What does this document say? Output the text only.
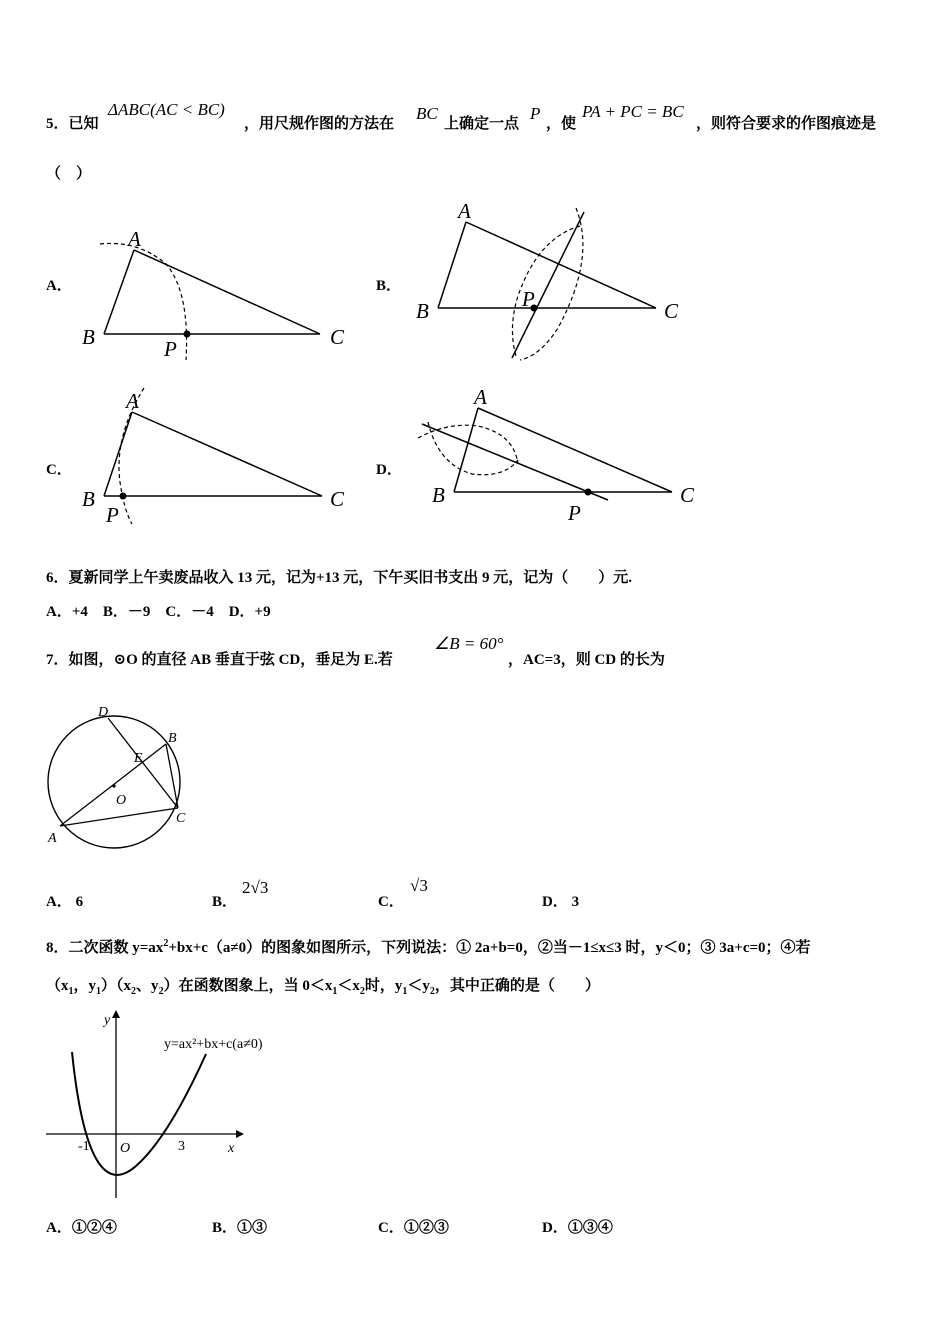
5．已知
ΔABC(AC < BC)
，用尺规作图的方法在
BC
上确定一点
P
，使
PA + PC = BC
，则符合要求的作图痕迹是
（　）
A．
A
B	C
P
B．
A
B	C
P
C．
A
B	C
P
D．
A
B	C
P
6．夏新同学上午卖废品收入 13 元，记为+13 元，下午买旧书支出 9 元，记为（　　）元.
A．+4　B．－9　C．－4　D．+9
7．如图，⊙O 的直径 AB 垂直于弦 CD，垂足为 E.若
∠B = 60°
，AC=3，则 CD 的长为
D
B
E
O
A
C
A． 6	B．
2√3
C．
√3
D． 3
8．二次函数 $y=ax^2+bx+c(a\ne 0)$的图象如图所示，下列说法：① 2a+b=0，②当－1≤x≤3 时，y＜0；③ 3a+c=0；④若
（$x_1$，$y_1)(x_2$、$y_2$）在函数图象上，当 $0<x_1<x_2$时，$y_1<y_2$，其中正确的是（　　）
y
x
O
-1	3
y=ax²+bx+c(a≠0)
A．①②④	B．①③	C．①②③	D．①③④
